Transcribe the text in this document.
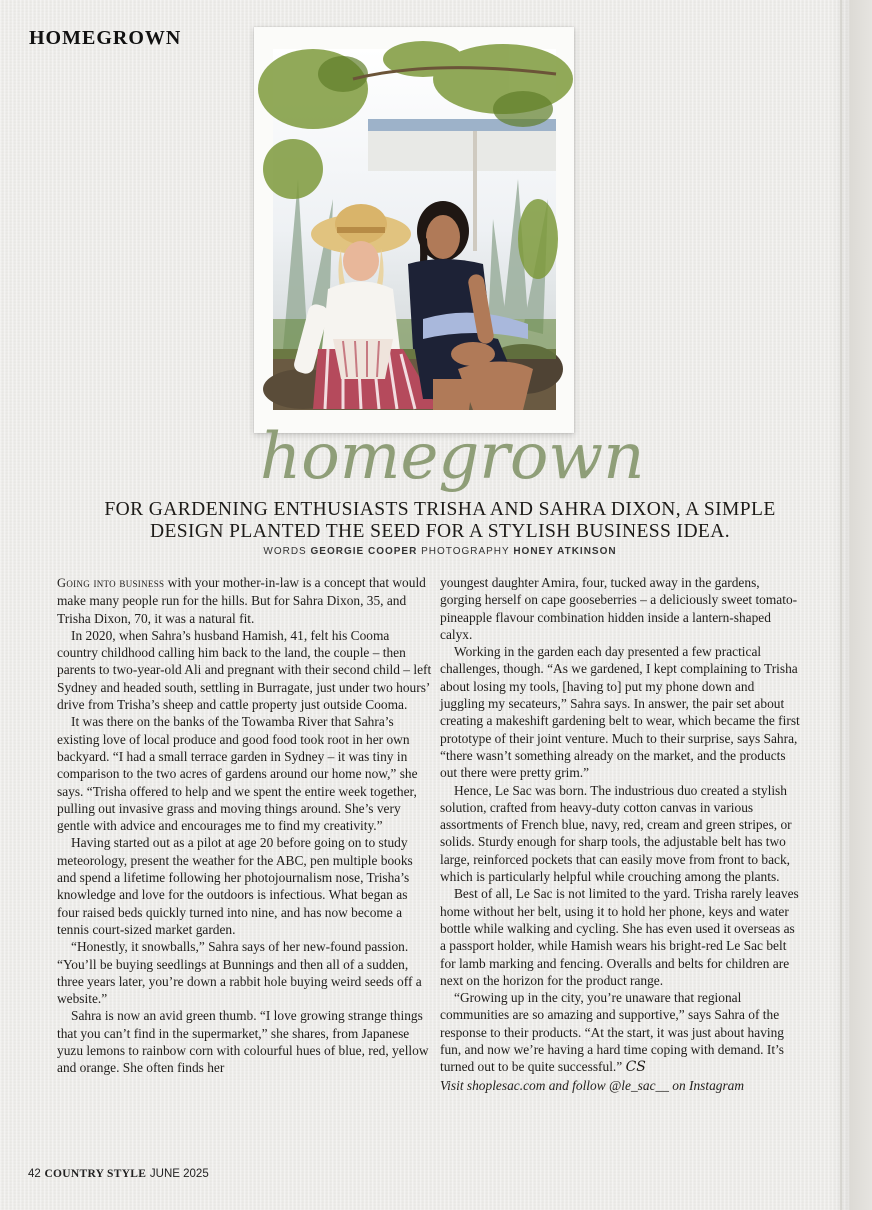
HOMEGROWN
homegrown
FOR GARDENING ENTHUSIASTS TRISHA AND SAHRA DIXON, A SIMPLE
DESIGN PLANTED THE SEED FOR A STYLISH BUSINESS IDEA.
WORDS GEORGIE COOPER PHOTOGRAPHY HONEY ATKINSON

Going into business with your mother-in-law is a concept that would make many people run for the hills. But for Sahra Dixon, 35, and Trisha Dixon, 70, it was a natural fit.

In 2020, when Sahra’s husband Hamish, 41, felt his Cooma country childhood calling him back to the land, the couple – then parents to two-year-old Ali and pregnant with their second child – left Sydney and headed south, settling in Burragate, just under two hours’ drive from Trisha’s sheep and cattle property just outside Cooma.

It was there on the banks of the Towamba River that Sahra’s existing love of local produce and good food took root in her own backyard. “I had a small terrace garden in Sydney – it was tiny in comparison to the two acres of gardens around our home now,” she says. “Trisha offered to help and we spent the entire week together, pulling out invasive grass and moving things around. She’s very gentle with advice and encourages me to find my creativity.”

Having started out as a pilot at age 20 before going on to study meteorology, present the weather for the ABC, pen multiple books and spend a lifetime following her photojournalism nose, Trisha’s knowledge and love for the outdoors is infectious. What began as four raised beds quickly turned into nine, and has now become a tennis court-sized market garden.

“Honestly, it snowballs,” Sahra says of her new-found passion. “You’ll be buying seedlings at Bunnings and then all of a sudden, three years later, you’re down a rabbit hole buying weird seeds off a website.”

Sahra is now an avid green thumb. “I love growing strange things that you can’t find in the supermarket,” she shares, from Japanese yuzu lemons to rainbow corn with colourful hues of blue, red, yellow and orange. She often finds her

youngest daughter Amira, four, tucked away in the gardens, gorging herself on cape gooseberries – a deliciously sweet tomato-pineapple flavour combination hidden inside a lantern-shaped calyx.

Working in the garden each day presented a few practical challenges, though. “As we gardened, I kept complaining to Trisha about losing my tools, [having to] put my phone down and juggling my secateurs,” Sahra says. In answer, the pair set about creating a makeshift gardening belt to wear, which became the first prototype of their joint venture. Much to their surprise, says Sahra, “there wasn’t something already on the market, and the products out there were pretty grim.”

Hence, Le Sac was born. The industrious duo created a stylish solution, crafted from heavy-duty cotton canvas in various assortments of French blue, navy, red, cream and green stripes, or solids. Sturdy enough for sharp tools, the adjustable belt has two large, reinforced pockets that can easily move from front to back, which is particularly helpful while crouching among the plants.

Best of all, Le Sac is not limited to the yard. Trisha rarely leaves home without her belt, using it to hold her phone, keys and water bottle while walking and cycling. She has even used it overseas as a passport holder, while Hamish wears his bright-red Le Sac belt for lamb marking and fencing. Overalls and belts for children are next on the horizon for the product range.

“Growing up in the city, you’re unaware that regional communities are so amazing and supportive,” says Sahra of the response to their products. “At the start, it was just about having fun, and now we’re having a hard time coping with demand. It’s turned out to be quite successful.” CS

Visit shoplesac.com and follow @le_sac__ on Instagram

42 COUNTRY STYLE JUNE 2025
